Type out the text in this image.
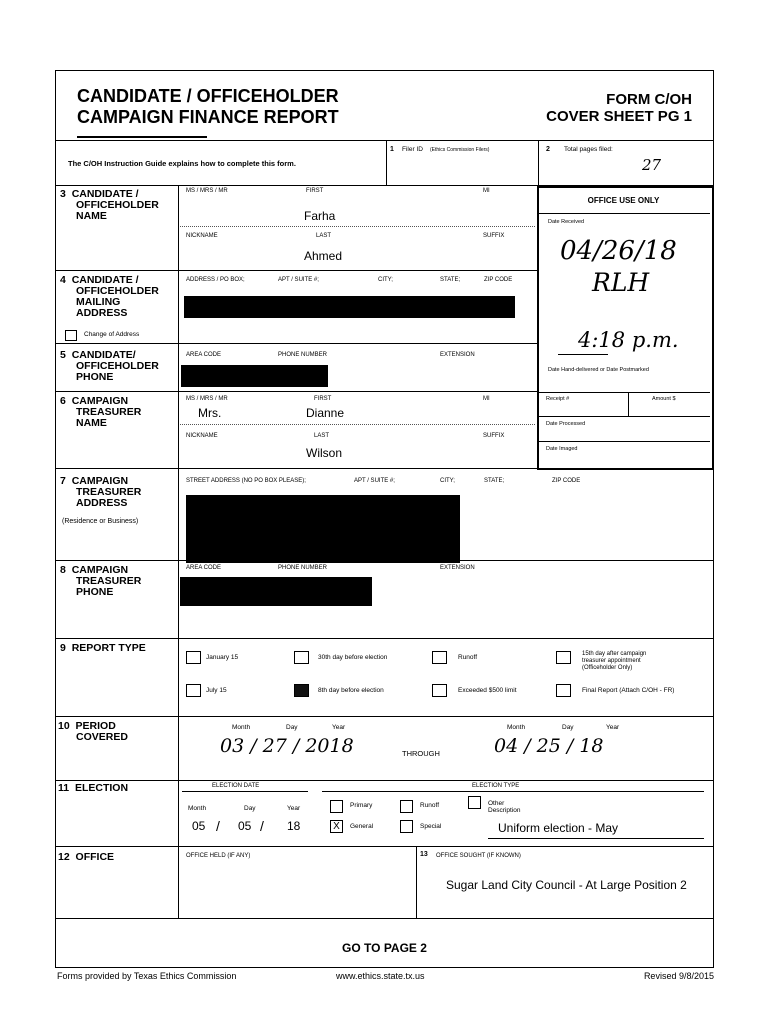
CANDIDATE / OFFICEHOLDER
CAMPAIGN FINANCE REPORT
FORM C/OH
COVER SHEET PG 1
The C/OH Instruction Guide explains how to complete this form.
1 Filer ID (Ethics Commission Filers)	2 Total pages filed:
27
OFFICE USE ONLY
Date Received
04/26/18
RLH
4:18 p.m.
Date Hand-delivered or Date Postmarked
Receipt #	Amount $
Date Processed
Date Imaged
3 CANDIDATE /
OFFICEHOLDER
NAME
MS / MRS / MR	FIRST	MI
Farha
NICKNAME	LAST	SUFFIX
Ahmed
4 CANDIDATE /
OFFICEHOLDER
MAILING
ADDRESS
Change of Address
ADDRESS / PO BOX;	APT / SUITE #;	CITY;	STATE;	ZIP CODE
5 CANDIDATE/
OFFICEHOLDER
PHONE
AREA CODE	PHONE NUMBER	EXTENSION
6 CAMPAIGN
TREASURER
NAME
MS / MRS / MR	FIRST	MI
Mrs.	Dianne
NICKNAME	LAST	SUFFIX
Wilson
7 CAMPAIGN
TREASURER
ADDRESS
(Residence or Business)
STREET ADDRESS (NO PO BOX PLEASE);	APT / SUITE #;	CITY;	STATE;	ZIP CODE
8 CAMPAIGN
TREASURER
PHONE
AREA CODE	PHONE NUMBER	EXTENSION
9 REPORT TYPE
January 15	30th day before election	Runoff	15th day after campaign
treasurer appointment
(Officeholder Only)
July 15	8th day before election	Exceeded $500 limit	Final Report (Attach C/OH - FR)
10 PERIOD
COVERED
Month	Day	Year
03 / 27 / 2018	THROUGH
Month	Day	Year
04 / 25 / 18
11 ELECTION	ELECTION DATE
Month	Day	Year
05 / 05 / 18
Primary
X	General
Runoff
Special
Other
Description
ELECTION TYPE
Uniform election - May
12 OFFICE	OFFICE HELD (IF ANY)	13 OFFICE SOUGHT (IF KNOWN)
Sugar Land City Council - At Large Position 2
GO TO PAGE 2
Forms provided by Texas Ethics Commission	www.ethics.state.tx.us	Revised 9/8/2015
